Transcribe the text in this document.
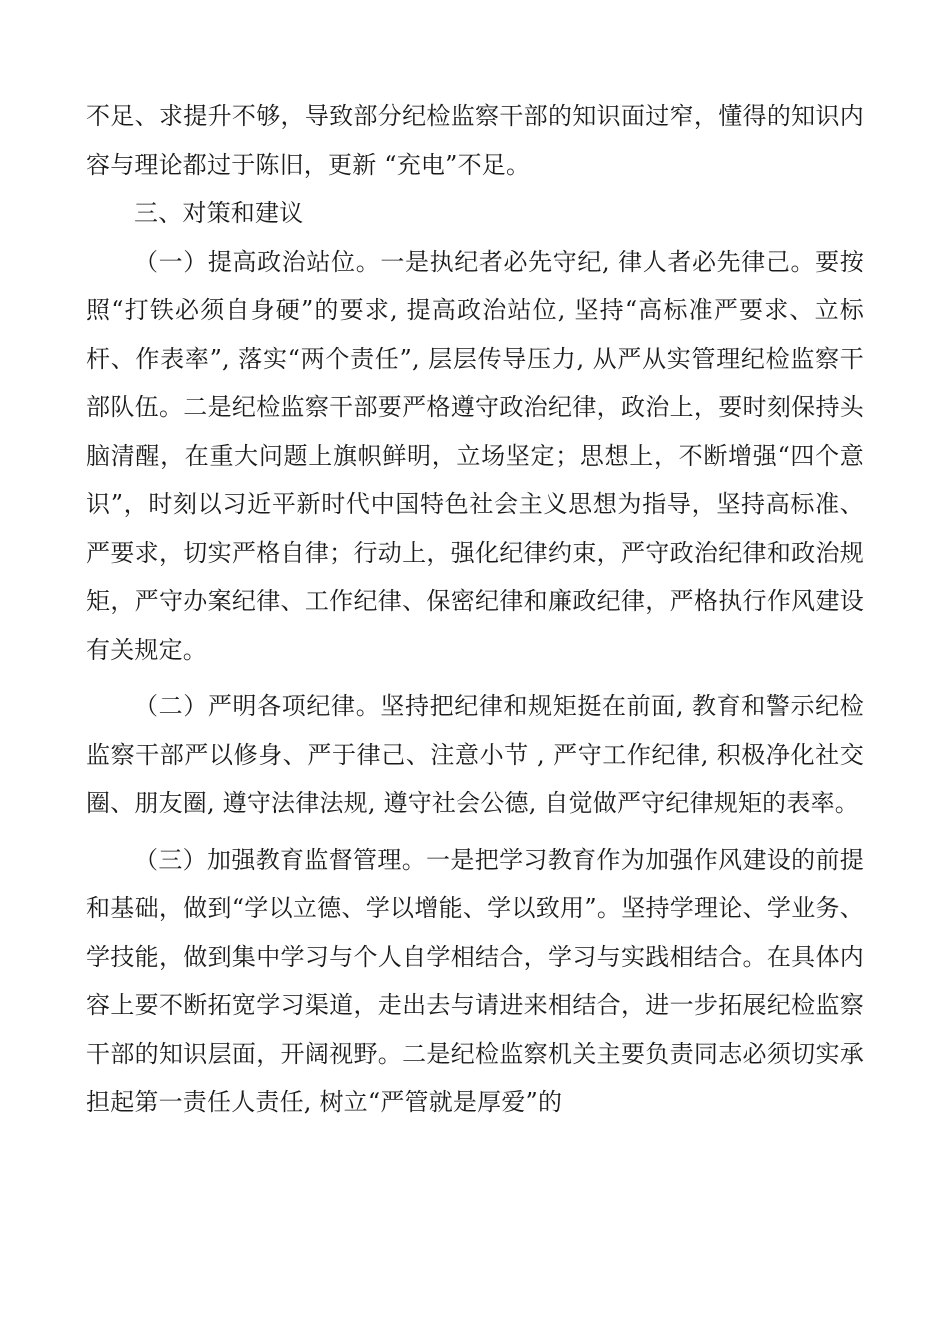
不足、求提升不够，导致部分纪检监察干部的知识面过窄，懂得的知识内容与理论都过于陈旧，更新 “充电”不足。

三、对策和建议

（一）提高政治站位。一是执纪者必先守纪, 律人者必先律己。要按照“打铁必须自身硬”的要求, 提高政治站位, 坚持“高标准严要求、立标杆、作表率”, 落实“两个责任”, 层层传导压力, 从严从实管理纪检监察干部队伍。二是纪检监察干部要严格遵守政治纪律，政治上，要时刻保持头脑清醒，在重大问题上旗帜鲜明，立场坚定；思想上，不断增强“四个意识”，时刻以习近平新时代中国特色社会主义思想为指导，坚持高标准、严要求，切实严格自律；行动上，强化纪律约束，严守政治纪律和政治规矩，严守办案纪律、工作纪律、保密纪律和廉政纪律，严格执行作风建设有关规定。

（二）严明各项纪律。坚持把纪律和规矩挺在前面, 教育和警示纪检监察干部严以修身、严于律己、注意小节 , 严守工作纪律, 积极净化社交圈、朋友圈, 遵守法律法规, 遵守社会公德, 自觉做严守纪律规矩的表率。

（三）加强教育监督管理。一是把学习教育作为加强作风建设的前提和基础，做到“学以立德、学以增能、学以致用”。坚持学理论、学业务、学技能，做到集中学习与个人自学相结合，学习与实践相结合。在具体内容上要不断拓宽学习渠道，走出去与请进来相结合，进一步拓展纪检监察干部的知识层面，开阔视野。二是纪检监察机关主要负责同志必须切实承担起第一责任人责任, 树立“严管就是厚爱”的
